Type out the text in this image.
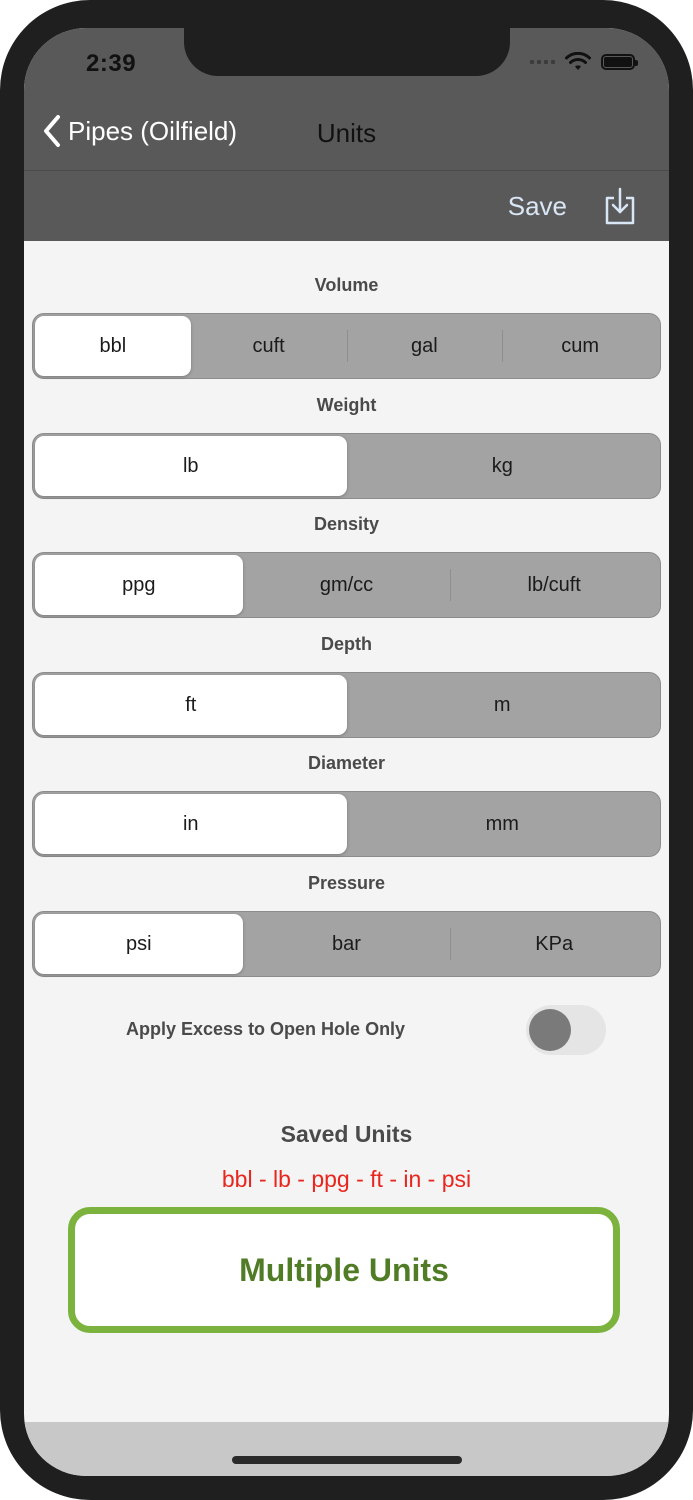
2:39
Pipes (Oilfield)	Units
Save
Volume
bbl	cuft	gal	cum
Weight
lb	kg
Density
ppg	gm/cc	lb/cuft
Depth
ft	m
Diameter
in	mm
Pressure
psi	bar	KPa
Apply Excess to Open Hole Only
Saved Units
bbl - lb - ppg - ft - in - psi
Multiple Units
